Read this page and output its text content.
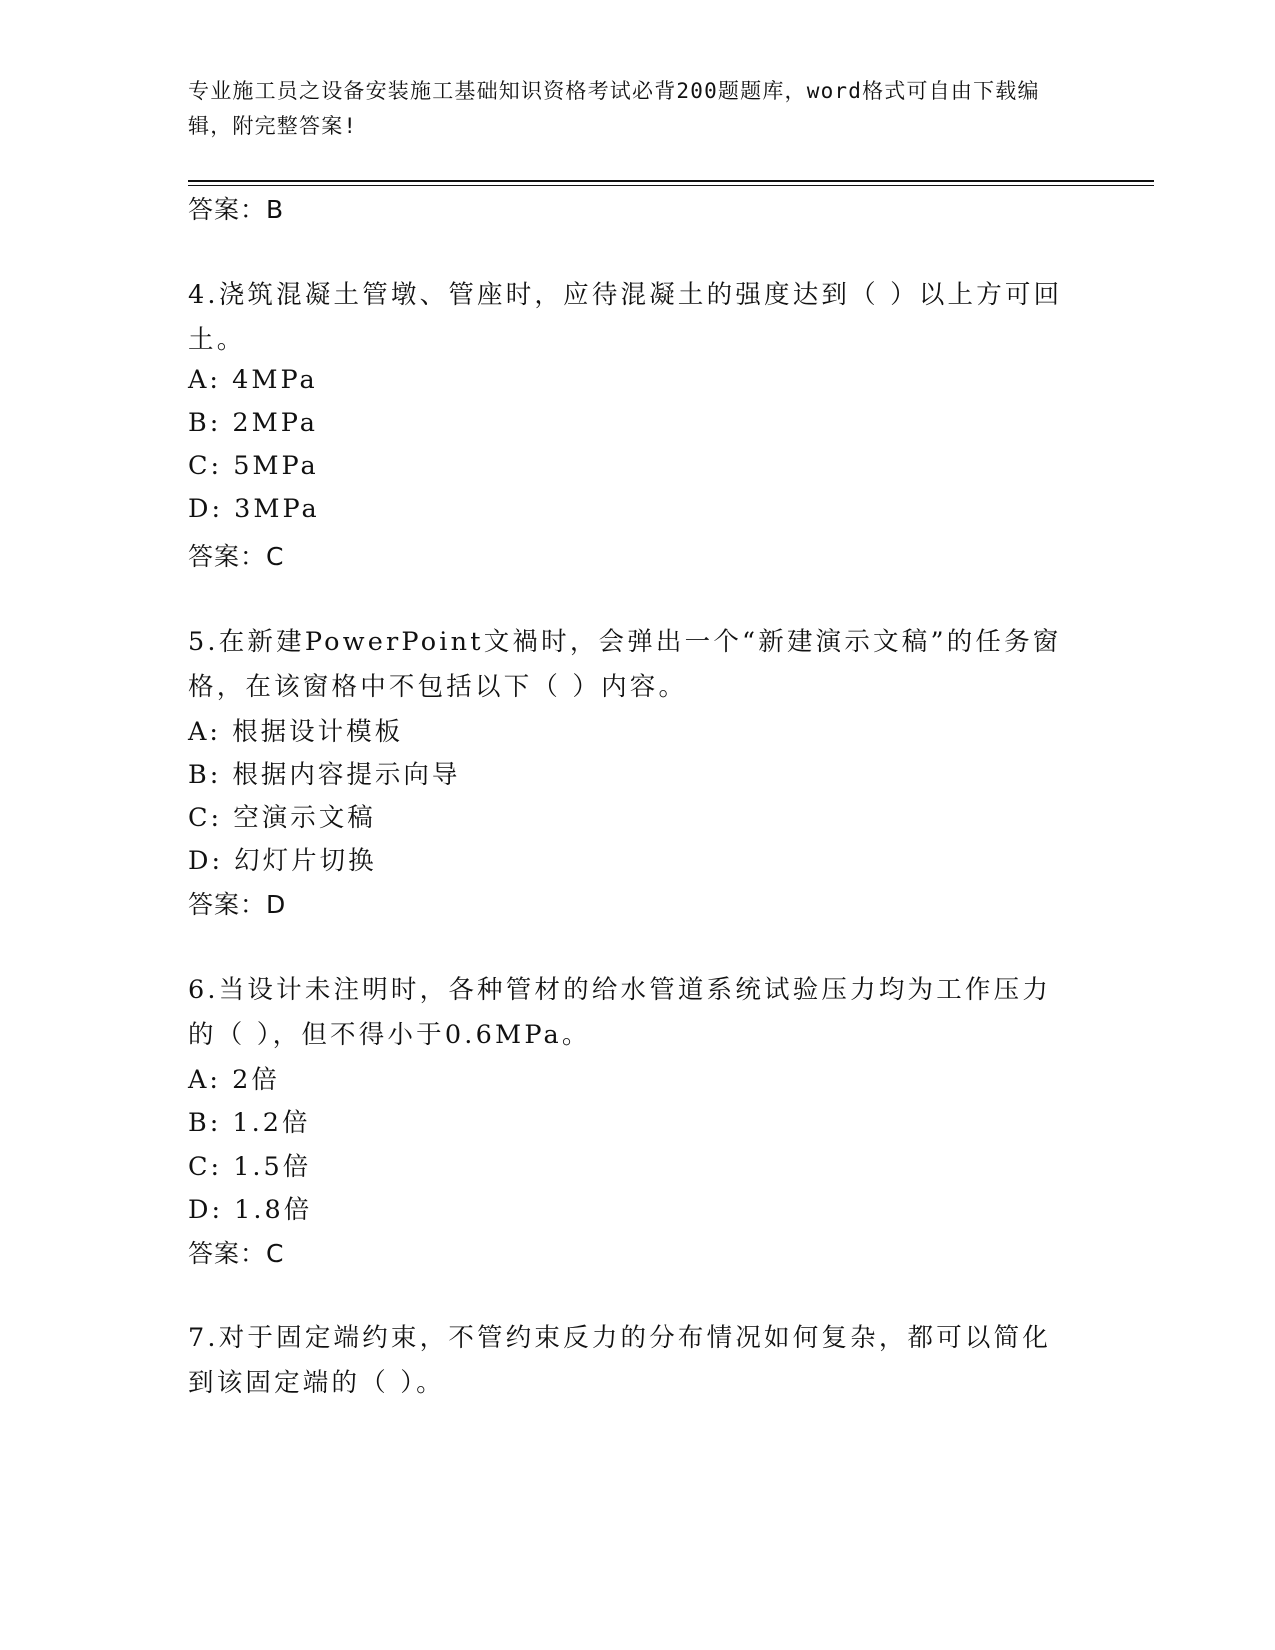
专业施工员之设备安装施工基础知识资格考试必背200题题库，word格式可自由下载编辑，附完整答案!
答案：B
4.浇筑混凝土管墩、管座时，应待混凝土的强度达到（ ）以上方可回土。
A: 4MPa
B: 2MPa
C: 5MPa
D: 3MPa
答案：C
5.在新建PowerPoint文禍时，会弹出一个“新建演示文稿”的任务窗格，在该窗格中不包括以下（ ）内容。
A: 根据设计模板
B: 根据内容提示向导
C: 空演示文稿
D: 幻灯片切换
答案：D
6.当设计未注明时，各种管材的给水管道系统试验压力均为工作压力的（ ），但不得小于0.6MPa。
A: 2倍
B: 1.2倍
C: 1.5倍
D: 1.8倍
答案：C
7.对于固定端约束，不管约束反力的分布情况如何复杂，都可以简化到该固定端的（ ）。
